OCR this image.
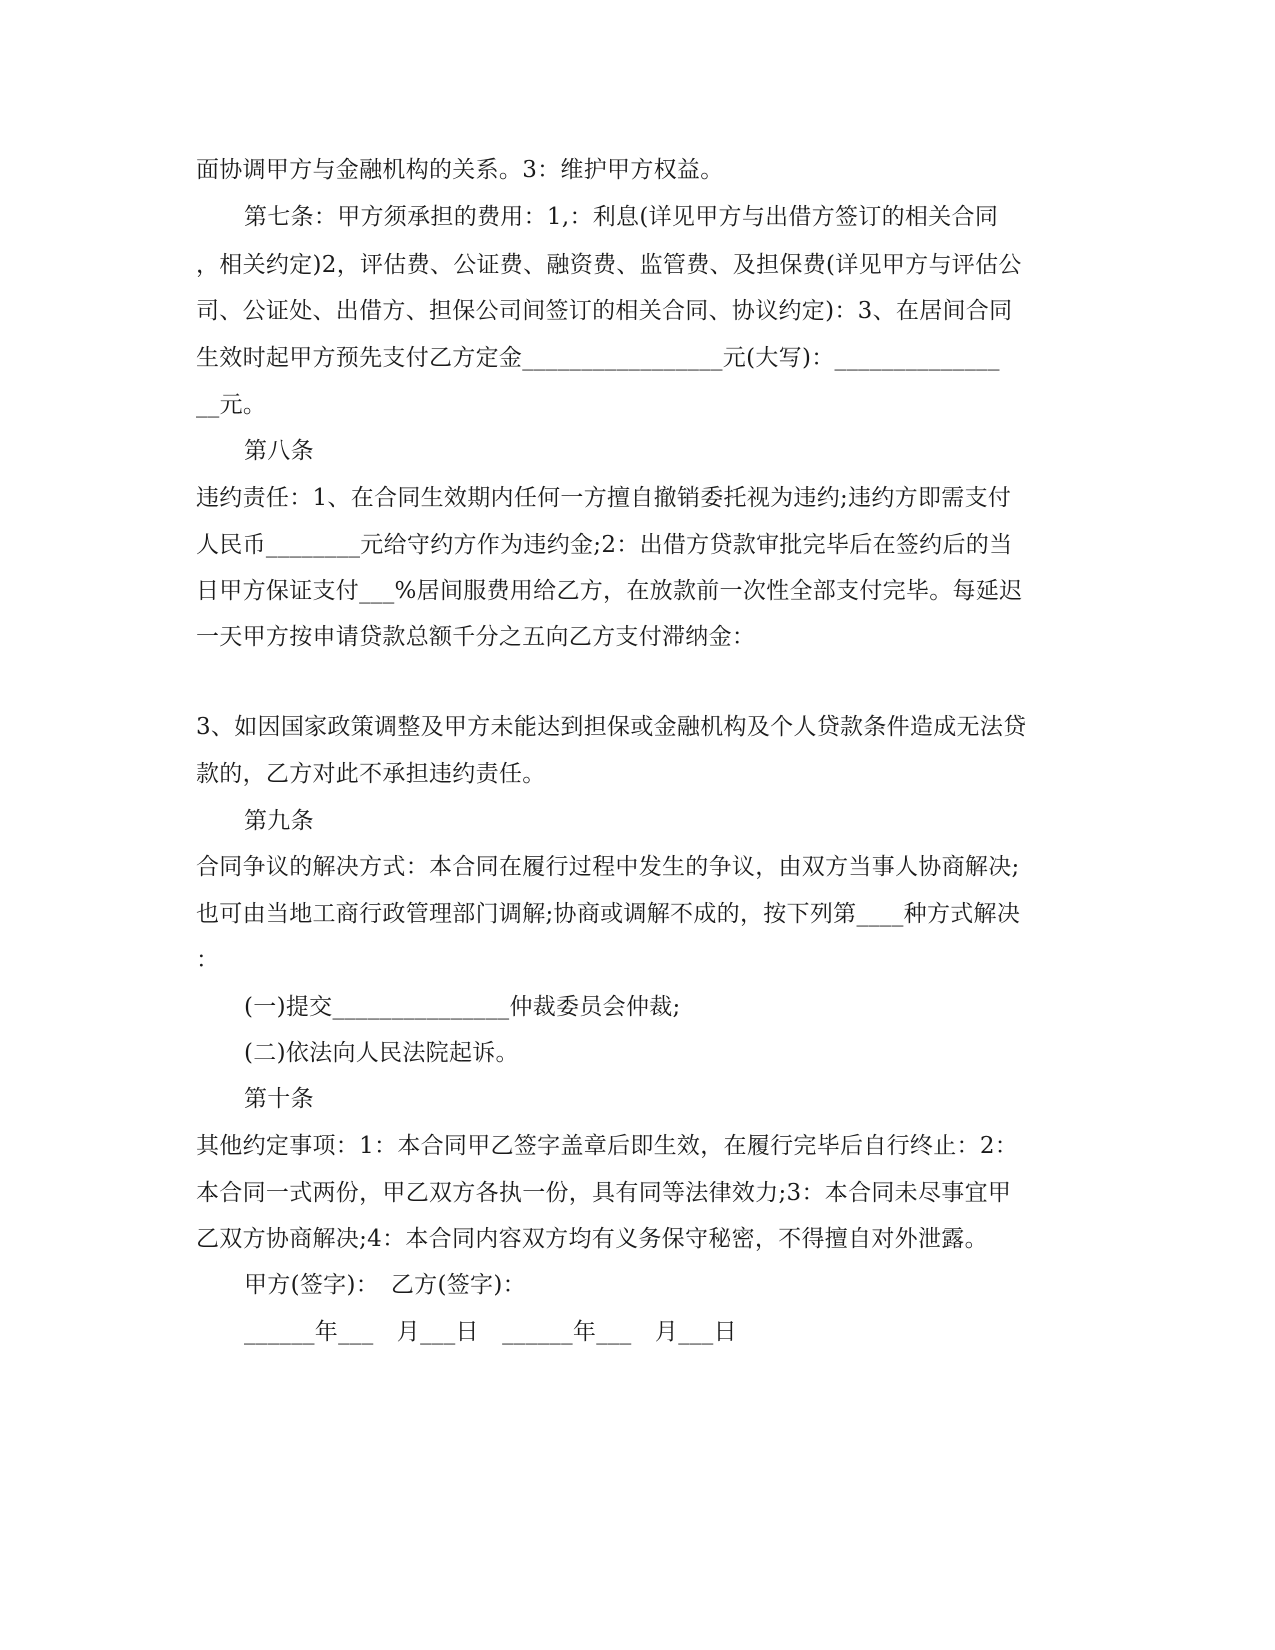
面协调甲方与金融机构的关系。3：维护甲方权益。
第七条：甲方须承担的费用：1,：利息(详见甲方与出借方签订的相关合同
，相关约定)2，评估费、公证费、融资费、监管费、及担保费(详见甲方与评估公
司、公证处、出借方、担保公司间签订的相关合同、协议约定)：3、在居间合同
生效时起甲方预先支付乙方定金_________________元(大写)：______________
__元。
第八条
违约责任：1、在合同生效期内任何一方擅自撤销委托视为违约;违约方即需支付
人民币________元给守约方作为违约金;2：出借方贷款审批完毕后在签约后的当
日甲方保证支付___%居间服费用给乙方，在放款前一次性全部支付完毕。每延迟
一天甲方按申请贷款总额千分之五向乙方支付滞纳金：
3、如因国家政策调整及甲方未能达到担保或金融机构及个人贷款条件造成无法贷
款的，乙方对此不承担违约责任。
第九条
合同争议的解决方式：本合同在履行过程中发生的争议，由双方当事人协商解决;
也可由当地工商行政管理部门调解;协商或调解不成的，按下列第____种方式解决
：
(一)提交_______________仲裁委员会仲裁;
(二)依法向人民法院起诉。
第十条
其他约定事项：1：本合同甲乙签字盖章后即生效，在履行完毕后自行终止：2：
本合同一式两份，甲乙双方各执一份，具有同等法律效力;3：本合同未尽事宜甲
乙双方协商解决;4：本合同内容双方均有义务保守秘密，不得擅自对外泄露。
甲方(签字)：　乙方(签字)：
______年___　月___日　______年___　月___日
